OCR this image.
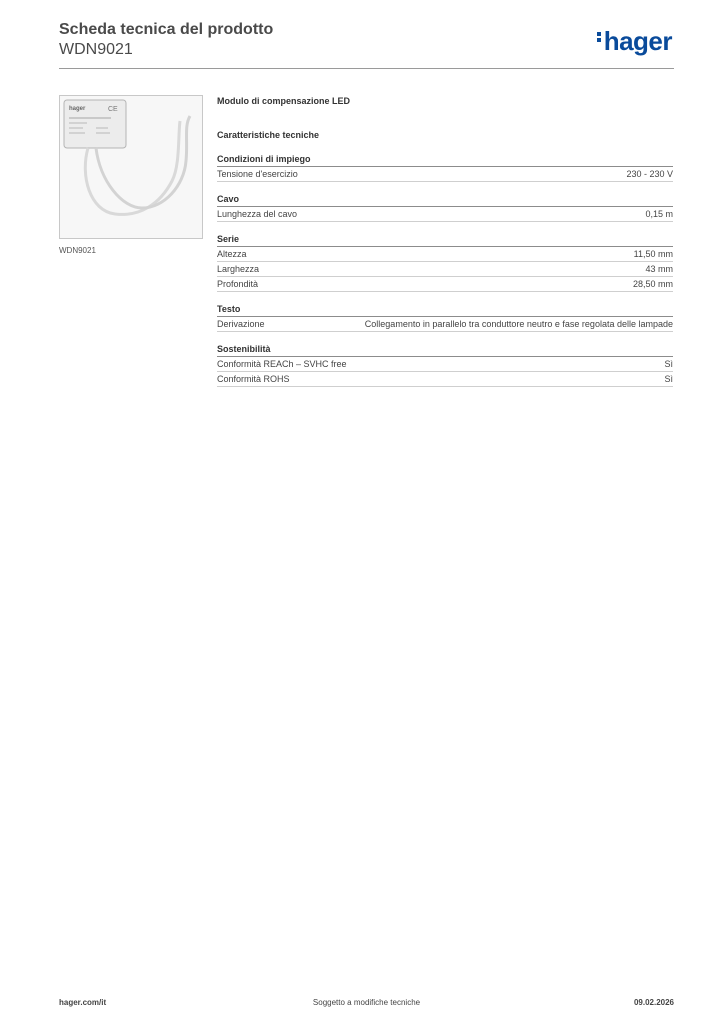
Scheda tecnica del prodotto
WDN9021	hager
hager	CE
WDN9021
Modulo di compensazione LED
Caratteristiche tecniche
Condizioni di impiego
Tensione d'esercizio	230 - 230 V
Cavo
Lunghezza del cavo	0,15 m
Serie
Altezza	11,50 mm
Larghezza	43 mm
Profondità	28,50 mm
Testo
Derivazione	Collegamento in parallelo tra conduttore neutro e fase regolata delle lampade
Sostenibilità
Conformità REACh – SVHC free	Sì
Conformità ROHS	Sì
hager.com/it	Soggetto a modifiche tecniche	09.02.2026
